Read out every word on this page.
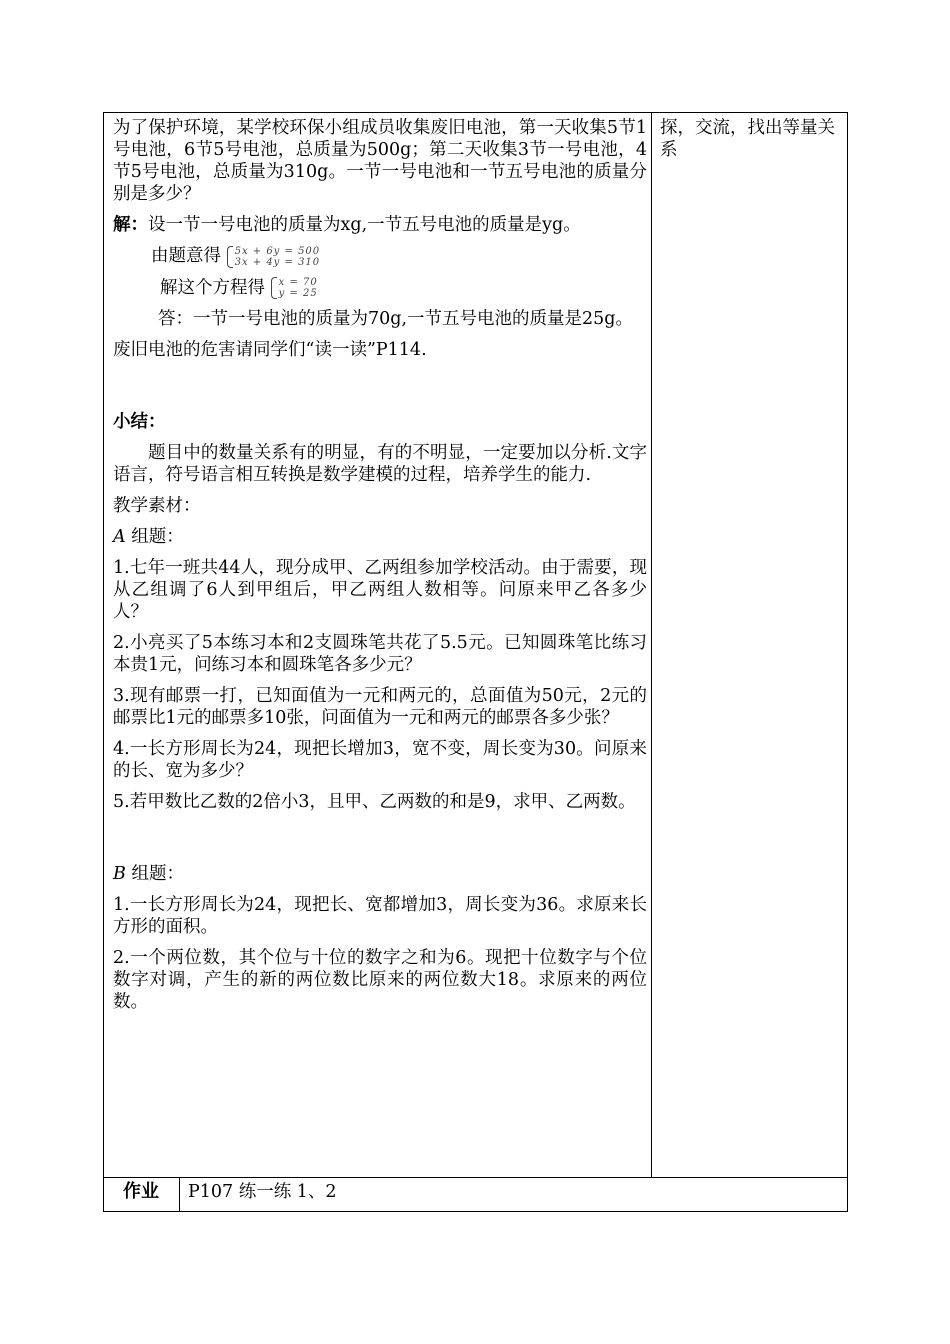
为了保护环境，某学校环保小组成员收集废旧电池，第一天收集5节1号电池，6节5号电池，总质量为500g；第二天收集3节一号电池，4节5号电池，总质量为310g。一节一号电池和一节五号电池的质量分别是多少？

解：设一节一号电池的质量为xg,一节五号电池的质量是yg。

由题意得 5x + 6y = 500
3x + 4y = 310

解这个方程得 x = 70
y = 25

答：一节一号电池的质量为70g,一节五号电池的质量是25g。

废旧电池的危害请同学们“读一读”P114.

小结：

题目中的数量关系有的明显，有的不明显，一定要加以分析.文字语言，符号语言相互转换是数学建模的过程，培养学生的能力.

教学素材：

A 组题：

1.七年一班共44人，现分成甲、乙两组参加学校活动。由于需要，现从乙组调了6人到甲组后，甲乙两组人数相等。问原来甲乙各多少人？

2.小亮买了5本练习本和2支圆珠笔共花了5.5元。已知圆珠笔比练习本贵1元，问练习本和圆珠笔各多少元？

3.现有邮票一打，已知面值为一元和两元的，总面值为50元，2元的邮票比1元的邮票多10张，问面值为一元和两元的邮票各多少张？

4.一长方形周长为24，现把长增加3，宽不变，周长变为30。问原来的长、宽为多少？

5.若甲数比乙数的2倍小3，且甲、乙两数的和是9，求甲、乙两数。

B 组题：

1.一长方形周长为24，现把长、宽都增加3，周长变为36。求原来长方形的面积。

2.一个两位数，其个位与十位的数字之和为6。现把十位数字与个位数字对调，产生的新的两位数比原来的两位数大18。求原来的两位数。

探，交流，找出等量关系
作业	P107 练一练 1、2
